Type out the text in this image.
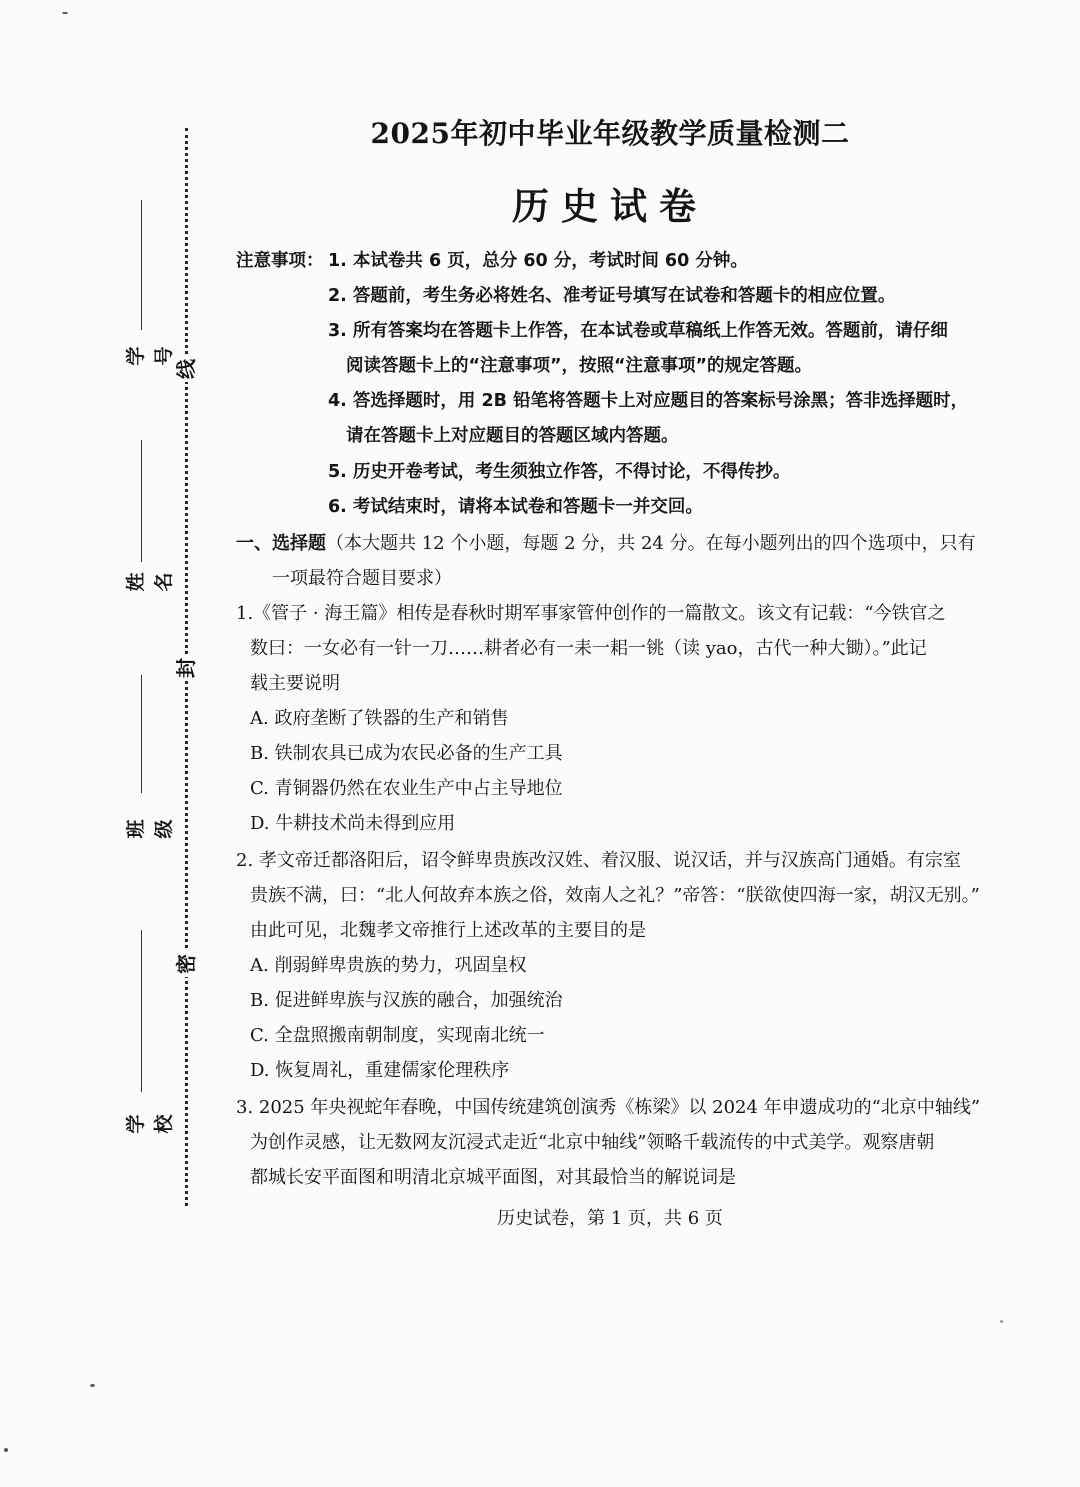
线
封
密
学号
姓名
班级
学校
2025年初中毕业年级教学质量检测二
历史试卷
注意事项： 1. 本试卷共 6 页，总分 60 分，考试时间 60 分钟。
2. 答题前，考生务必将姓名、准考证号填写在试卷和答题卡的相应位置。
3. 所有答案均在答题卡上作答，在本试卷或草稿纸上作答无效。答题前，请仔细
阅读答题卡上的“注意事项”，按照“注意事项”的规定答题。
4. 答选择题时，用 2B 铅笔将答题卡上对应题目的答案标号涂黑；答非选择题时，
请在答题卡上对应题目的答题区域内答题。
5. 历史开卷考试，考生须独立作答，不得讨论，不得传抄。
6. 考试结束时，请将本试卷和答题卡一并交回。
一、选择题（本大题共 12 个小题，每题 2 分，共 24 分。在每小题列出的四个选项中，只有
一项最符合题目要求）
1.《管子 · 海王篇》相传是春秋时期军事家管仲创作的一篇散文。该文有记载：“今铁官之
数曰：一女必有一针一刀……耕者必有一耒一耜一铫（读 yao，古代一种大锄）。”此记
载主要说明
A. 政府垄断了铁器的生产和销售
B. 铁制农具已成为农民必备的生产工具
C. 青铜器仍然在农业生产中占主导地位
D. 牛耕技术尚未得到应用
2. 孝文帝迁都洛阳后，诏令鲜卑贵族改汉姓、着汉服、说汉话，并与汉族高门通婚。有宗室
贵族不满，曰：“北人何故弃本族之俗，效南人之礼？”帝答：“朕欲使四海一家，胡汉无别。”
由此可见，北魏孝文帝推行上述改革的主要目的是
A. 削弱鲜卑贵族的势力，巩固皇权
B. 促进鲜卑族与汉族的融合，加强统治
C. 全盘照搬南朝制度，实现南北统一
D. 恢复周礼，重建儒家伦理秩序
3. 2025 年央视蛇年春晚，中国传统建筑创演秀《栋梁》以 2024 年申遗成功的“北京中轴线”
为创作灵感，让无数网友沉浸式走近“北京中轴线”领略千载流传的中式美学。观察唐朝
都城长安平面图和明清北京城平面图，对其最恰当的解说词是
历史试卷，第 1 页，共 6 页
